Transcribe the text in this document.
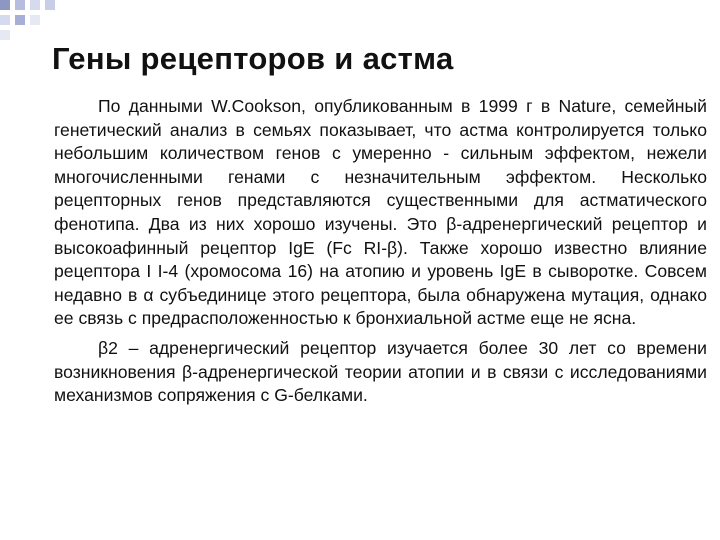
Гены рецепторов и астма

По данными W.Cookson, опубликованным в 1999 г в Nature, семейный генетический анализ в семьях показывает, что астма контролируется только небольшим количеством генов с умеренно - сильным эффектом, нежели многочисленными генами с незначительным эффектом. Несколько рецепторных генов представляются существенными для астматического фенотипа. Два из них хорошо изучены. Это β-адренергический рецептор и высокоафинный рецептор IgE (Fc RI-β). Также хорошо известно влияние рецептора I I-4 (хромосома 16) на атопию и уровень IgE в сыворотке. Совсем недавно в α субъединице этого рецептора, была обнаружена мутация, однако ее связь с предрасположенностью к бронхиальной астме еще не ясна.

β2 – адренергический рецептор изучается более 30 лет со времени возникновения β-адренергической теории атопии и в связи с исследованиями механизмов сопряжения с G-белками.
